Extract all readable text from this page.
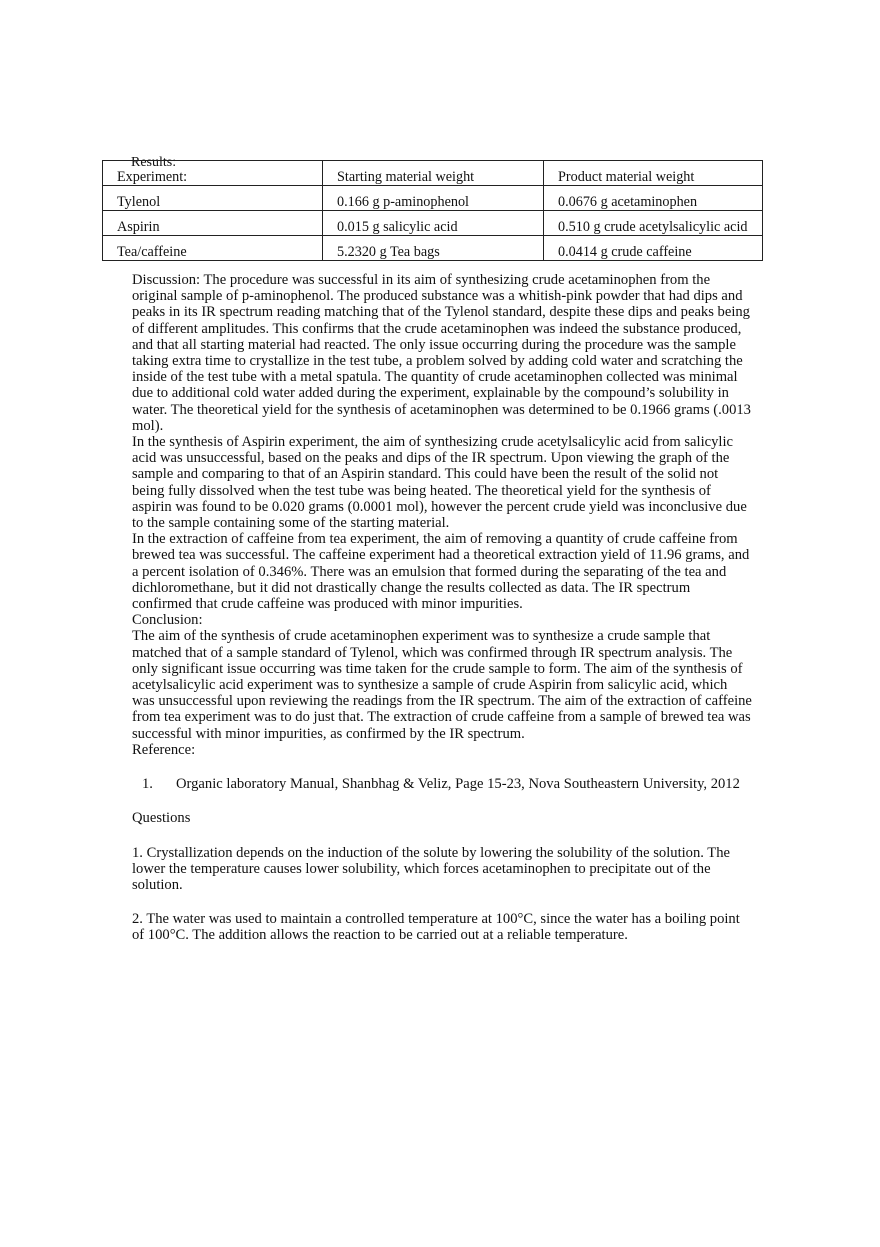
Results:
Experiment:	Starting material weight	Product material weight
Tylenol	0.166 g p-aminophenol	0.0676 g acetaminophen
Aspirin	0.015 g salicylic acid	0.510 g crude acetylsalicylic acid
Tea/caffeine	5.2320 g Tea bags	0.0414 g crude caffeine

Discussion: The procedure was successful in its aim of synthesizing crude acetaminophen from the original sample of p-aminophenol. The produced substance was a whitish-pink powder that had dips and peaks in its IR spectrum reading matching that of the Tylenol standard, despite these dips and peaks being of different amplitudes. This confirms that the crude acetaminophen was indeed the substance produced, and that all starting material had reacted. The only issue occurring during the procedure was the sample taking extra time to crystallize in the test tube, a problem solved by adding cold water and scratching the inside of the test tube with a metal spatula. The quantity of crude acetaminophen collected was minimal due to additional cold water added during the experiment, explainable by the compound’s solubility in water. The theoretical yield for the synthesis of acetaminophen was determined to be 0.1966 grams (.0013 mol).

In the synthesis of Aspirin experiment, the aim of synthesizing crude acetylsalicylic acid from salicylic acid was unsuccessful, based on the peaks and dips of the IR spectrum. Upon viewing the graph of the sample and comparing to that of an Aspirin standard. This could have been the result of the solid not being fully dissolved when the test tube was being heated. The theoretical yield for the synthesis of aspirin was found to be 0.020 grams (0.0001 mol), however the percent crude yield was inconclusive due to the sample containing some of the starting material.

In the extraction of caffeine from tea experiment, the aim of removing a quantity of crude caffeine from brewed tea was successful. The caffeine experiment had a theoretical extraction yield of 11.96 grams, and a percent isolation of 0.346%. There was an emulsion that formed during the separating of the tea and dichloromethane, but it did not drastically change the results collected as data. The IR spectrum confirmed that crude caffeine was produced with minor impurities.

Conclusion:

The aim of the synthesis of crude acetaminophen experiment was to synthesize a crude sample that matched that of a sample standard of Tylenol, which was confirmed through IR spectrum analysis. The only significant issue occurring was time taken for the crude sample to form. The aim of the synthesis of acetylsalicylic acid experiment was to synthesize a sample of crude Aspirin from salicylic acid, which was unsuccessful upon reviewing the readings from the IR spectrum. The aim of the extraction of caffeine from tea experiment was to do just that. The extraction of crude caffeine from a sample of brewed tea was successful with minor impurities, as confirmed by the IR spectrum.

Reference:

1. Organic laboratory Manual, Shanbhag & Veliz, Page 15-23, Nova Southeastern University, 2012

Questions

1. Crystallization depends on the induction of the solute by lowering the solubility of the solution. The lower the temperature causes lower solubility, which forces acetaminophen to precipitate out of the solution.

2. The water was used to maintain a controlled temperature at 100°C, since the water has a boiling point of 100°C. The addition allows the reaction to be carried out at a reliable temperature.
